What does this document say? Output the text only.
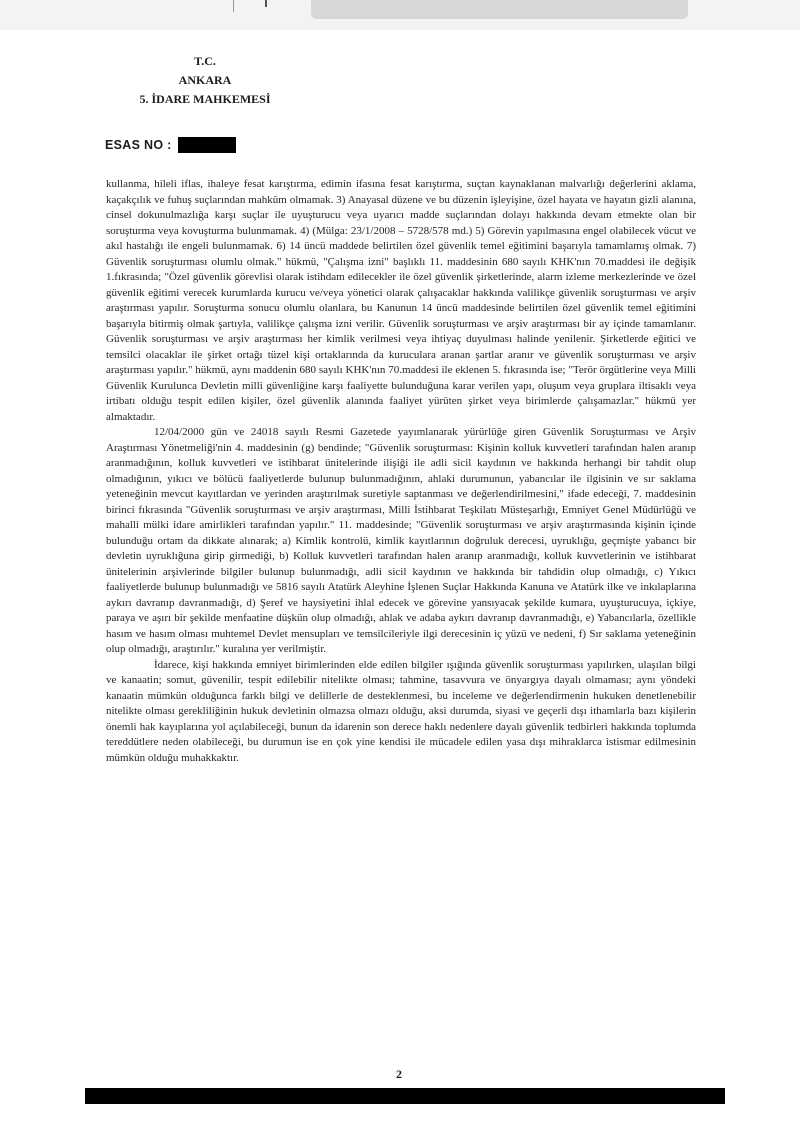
T.C.
ANKARA
5. İDARE MAHKEMESİ
ESAS NO :

kullanma, hileli iflas, ihaleye fesat karıştırma, edimin ifasına fesat karıştırma, suçtan kaynaklanan malvarlığı değerlerini aklama, kaçakçılık ve fuhuş suçlarından mahkûm olmamak. 3) Anayasal düzene ve bu düzenin işleyişine, özel hayata ve hayatın gizli alanına, cinsel dokunulmazlığa karşı suçlar ile uyuşturucu veya uyarıcı madde suçlarından dolayı hakkında devam etmekte olan bir soruşturma veya kovuşturma bulunmamak. 4) (Mülga: 23/1/2008 – 5728/578 md.) 5) Görevin yapılmasına engel olabilecek vücut ve akıl hastalığı ile engeli bulunmamak. 6) 14 üncü maddede belirtilen özel güvenlik temel eğitimini başarıyla tamamlamış olmak. 7) Güvenlik soruşturması olumlu olmak." hükmü, "Çalışma izni" başlıklı 11. maddesinin 680 sayılı KHK'nın 70.maddesi ile değişik 1.fıkrasında; "Özel güvenlik görevlisi olarak istihdam edilecekler ile özel güvenlik şirketlerinde, alarm izleme merkezlerinde ve özel güvenlik eğitimi verecek kurumlarda kurucu ve/veya yönetici olarak çalışacaklar hakkında valilikçe güvenlik soruşturması ve arşiv araştırması yapılır. Soruşturma sonucu olumlu olanlara, bu Kanunun 14 üncü maddesinde belirtilen özel güvenlik temel eğitimini başarıyla bitirmiş olmak şartıyla, valilikçe çalışma izni verilir. Güvenlik soruşturması ve arşiv araştırması bir ay içinde tamamlanır. Güvenlik soruşturması ve arşiv araştırması her kimlik verilmesi veya ihtiyaç duyulması halinde yenilenir. Şirketlerde eğitici ve temsilci olacaklar ile şirket ortağı tüzel kişi ortaklarında da kuruculara aranan şartlar aranır ve güvenlik soruşturması ve arşiv araştırması yapılır." hükmü, aynı maddenin 680 sayılı KHK'nın 70.maddesi ile eklenen 5. fıkrasında ise; "Terör örgütlerine veya Milli Güvenlik Kurulunca Devletin milli güvenliğine karşı faaliyette bulunduğuna karar verilen yapı, oluşum veya gruplara iltisaklı veya irtibatı olduğu tespit edilen kişiler, özel güvenlik alanında faaliyet yürüten şirket veya birimlerde çalışamazlar." hükmü yer almaktadır.

12/04/2000 gün ve 24018 sayılı Resmi Gazetede yayımlanarak yürürlüğe giren Güvenlik Soruşturması ve Arşiv Araştırması Yönetmeliği'nin 4. maddesinin (g) bendinde; "Güvenlik soruşturması: Kişinin kolluk kuvvetleri tarafından halen aranıp aranmadığının, kolluk kuvvetleri ve istihbarat ünitelerinde ilişiği ile adli sicil kaydının ve hakkında herhangi bir tahdit olup olmadığının, yıkıcı ve bölücü faaliyetlerde bulunup bulunmadığının, ahlaki durumunun, yabancılar ile ilgisinin ve sır saklama yeteneğinin mevcut kayıtlardan ve yerinden araştırılmak suretiyle saptanması ve değerlendirilmesini," ifade edeceği, 7. maddesinin birinci fıkrasında "Güvenlik soruşturması ve arşiv araştırması, Milli İstihbarat Teşkilatı Müsteşarlığı, Emniyet Genel Müdürlüğü ve mahalli mülki idare amirlikleri tarafından yapılır." 11. maddesinde; "Güvenlik soruşturması ve arşiv araştırmasında kişinin içinde bulunduğu ortam da dikkate alınarak; a) Kimlik kontrolü, kimlik kayıtlarının doğruluk derecesi, uyruklığu, geçmişte yabancı bir devletin uyruklığuna girip girmediği, b) Kolluk kuvvetleri tarafından halen aranıp aranmadığı, kolluk kuvvetlerinin ve istihbarat ünitelerinin arşivlerinde bilgiler bulunup bulunmadığı, adli sicil kaydının ve hakkında bir tahdidin olup olmadığı, c) Yıkıcı faaliyetlerde bulunup bulunmadığı ve 5816 sayılı Atatürk Aleyhine İşlenen Suçlar Hakkında Kanuna ve Atatürk ilke ve inkılaplarına aykırı davranıp davranmadığı, d) Şeref ve haysiyetini ihlal edecek ve görevine yansıyacak şekilde kumara, uyuşturucuya, içkiye, paraya ve aşırı bir şekilde menfaatine düşkün olup olmadığı, ahlak ve adaba aykırı davranıp davranmadığı, e) Yabancılarla, özellikle hasım ve hasım olması muhtemel Devlet mensupları ve temsilcileriyle ilgi derecesinin iç yüzü ve nedeni, f) Sır saklama yeteneğinin olup olmadığı, araştırılır." kuralına yer verilmiştir.

İdarece, kişi hakkında emniyet birimlerinden elde edilen bilgiler ışığında güvenlik soruşturması yapılırken, ulaşılan bilgi ve kanaatin; somut, güvenilir, tespit edilebilir nitelikte olması; tahmine, tasavvura ve önyargıya dayalı olmaması; aynı yöndeki kanaatin mümkün olduğunca farklı bilgi ve delillerle de desteklenmesi, bu inceleme ve değerlendirmenin hukuken denetlenebilir nitelikte olması gerekliliğinin hukuk devletinin olmazsa olmazı olduğu, aksi durumda, siyasi ve geçerli dışı ithamlarla bazı kişilerin önemli hak kayıplarına yol açılabileceği, bunun da idarenin son derece haklı nedenlere dayalı güvenlik tedbirleri hakkında toplumda tereddütlere neden olabileceği, bu durumun ise en çok yine kendisi ile mücadele edilen yasa dışı mihraklarca istismar edilmesinin mümkün olduğu muhakkaktır.

2
